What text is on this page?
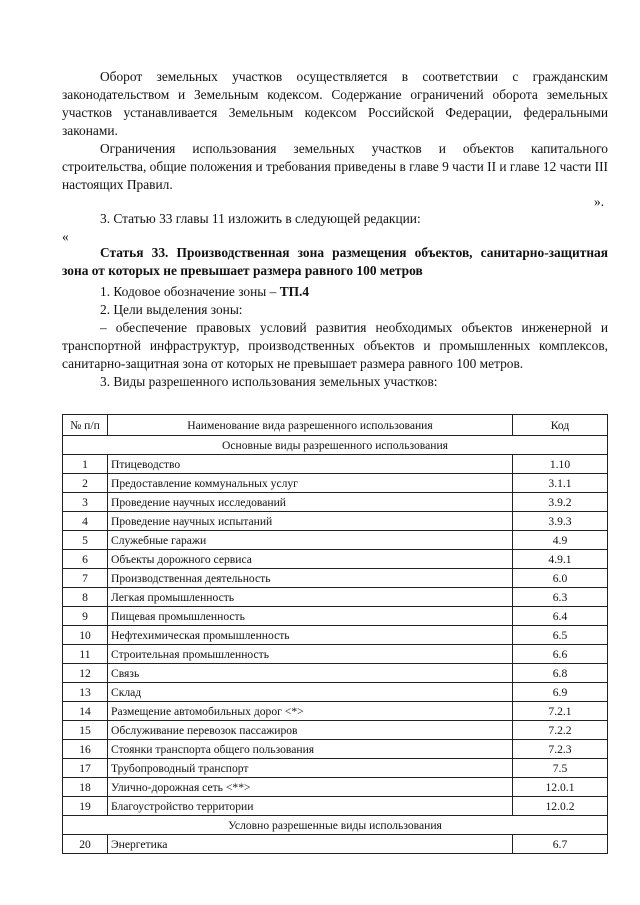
Оборот земельных участков осуществляется в соответствии с гражданским законодательством и Земельным кодексом. Содержание ограничений оборота земельных участков устанавливается Земельным кодексом Российской Федерации, федеральными законами.

Ограничения использования земельных участков и объектов капитального строительства, общие положения и требования приведены в главе 9 части II и главе 12 части III настоящих Правил.

».
3. Статью 33 главы 11 изложить в следующей редакции:
«

Статья 33. Производственная зона размещения объектов, санитарно-защитная зона от которых не превышает размера равного 100 метров

1. Кодовое обозначение зоны – ТП.4

2. Цели выделения зоны:

– обеспечение правовых условий развития необходимых объектов инженерной и транспортной инфраструктур, производственных объектов и промышленных комплексов, санитарно-защитная зона от которых не превышает размера равного 100 метров.

3. Виды разрешенного использования земельных участков:

№ п/п	Наименование вида разрешенного использования	Код
Основные виды разрешенного использования		
1	Птицеводство	1.10
2	Предоставление коммунальных услуг	3.1.1
3	Проведение научных исследований	3.9.2
4	Проведение научных испытаний	3.9.3
5	Служебные гаражи	4.9
6	Объекты дорожного сервиса	4.9.1
7	Производственная деятельность	6.0
8	Легкая промышленность	6.3
9	Пищевая промышленность	6.4
10	Нефтехимическая промышленность	6.5
11	Строительная промышленность	6.6
12	Связь	6.8
13	Склад	6.9
14	Размещение автомобильных дорог <*>	7.2.1
15	Обслуживание перевозок пассажиров	7.2.2
16	Стоянки транспорта общего пользования	7.2.3
17	Трубопроводный транспорт	7.5
18	Улично-дорожная сеть <**>	12.0.1
19	Благоустройство территории	12.0.2
Условно разрешенные виды использования		
20	Энергетика	6.7
